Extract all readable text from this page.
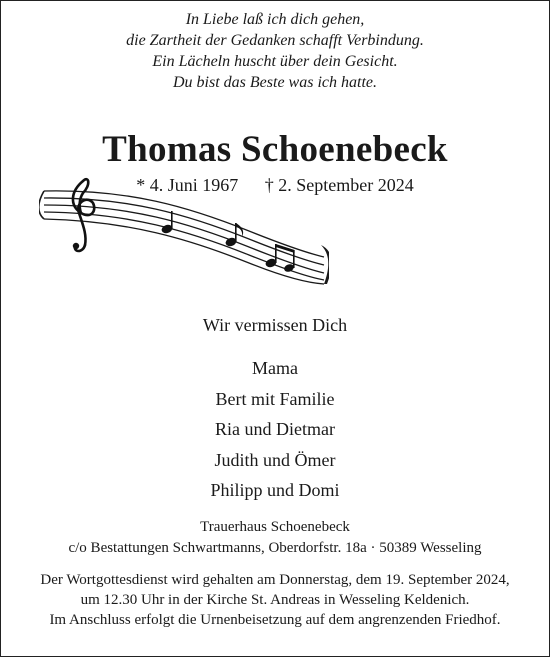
In Liebe laß ich dich gehen,
die Zartheit der Gedanken schafft Verbindung.
Ein Lächeln huscht über dein Gesicht.
Du bist das Beste was ich hatte.
Thomas Schoenebeck
* 4. Juni 1967 † 2. September 2024
Wir vermissen Dich
Mama
Bert mit Familie
Ria und Dietmar
Judith und Ömer
Philipp und Domi
Trauerhaus Schoenebeck
c/o Bestattungen Schwartmanns, Oberdorfstr. 18a · 50389 Wesseling
Der Wortgottesdienst wird gehalten am Donnerstag, dem 19. September 2024,
um 12.30 Uhr in der Kirche St. Andreas in Wesseling Keldenich.
Im Anschluss erfolgt die Urnenbeisetzung auf dem angrenzenden Friedhof.
